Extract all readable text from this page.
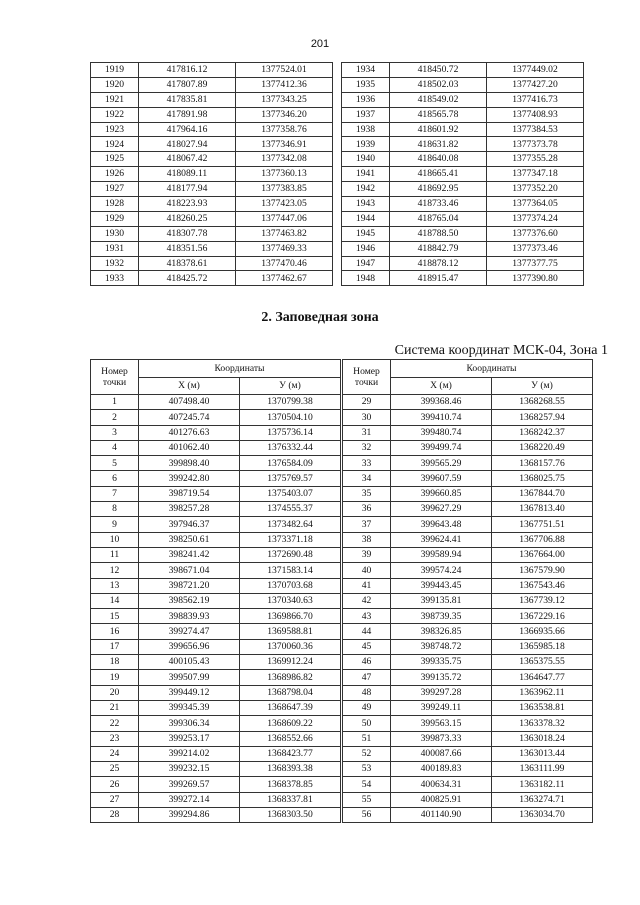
201
1919	417816.12	1377524.01
1920	417807.89	1377412.36
1921	417835.81	1377343.25
1922	417891.98	1377346.20
1923	417964.16	1377358.76
1924	418027.94	1377346.91
1925	418067.42	1377342.08
1926	418089.11	1377360.13
1927	418177.94	1377383.85
1928	418223.93	1377423.05
1929	418260.25	1377447.06
1930	418307.78	1377463.82
1931	418351.56	1377469.33
1932	418378.61	1377470.46
1933	418425.72	1377462.67
1934	418450.72	1377449.02
1935	418502.03	1377427.20
1936	418549.02	1377416.73
1937	418565.78	1377408.93
1938	418601.92	1377384.53
1939	418631.82	1377373.78
1940	418640.08	1377355.28
1941	418665.41	1377347.18
1942	418692.95	1377352.20
1943	418733.46	1377364.05
1944	418765.04	1377374.24
1945	418788.50	1377376.60
1946	418842.79	1377373.46
1947	418878.12	1377377.75
1948	418915.47	1377390.80
2. Заповедная зона
Система координат МСК-04, Зона 1
Номер точки	Координаты	
	X (м)	У (м)
1	407498.40	1370799.38
2	407245.74	1370504.10
3	401276.63	1375736.14
4	401062.40	1376332.44
5	399898.40	1376584.09
6	399242.80	1375769.57
7	398719.54	1375403.07
8	398257.28	1374555.37
9	397946.37	1373482.64
10	398250.61	1373371.18
11	398241.42	1372690.48
12	398671.04	1371583.14
13	398721.20	1370703.68
14	398562.19	1370340.63
15	398839.93	1369866.70
16	399274.47	1369588.81
17	399656.96	1370060.36
18	400105.43	1369912.24
19	399507.99	1368986.82
20	399449.12	1368798.04
21	399345.39	1368647.39
22	399306.34	1368609.22
23	399253.17	1368552.66
24	399214.02	1368423.77
25	399232.15	1368393.38
26	399269.57	1368378.85
27	399272.14	1368337.81
28	399294.86	1368303.50
Номер точки	Координаты	
	X (м)	У (м)
29	399368.46	1368268.55
30	399410.74	1368257.94
31	399480.74	1368242.37
32	399499.74	1368220.49
33	399565.29	1368157.76
34	399607.59	1368025.75
35	399660.85	1367844.70
36	399627.29	1367813.40
37	399643.48	1367751.51
38	399624.41	1367706.88
39	399589.94	1367664.00
40	399574.24	1367579.90
41	399443.45	1367543.46
42	399135.81	1367739.12
43	398739.35	1367229.16
44	398326.85	1366935.66
45	398748.72	1365985.18
46	399335.75	1365375.55
47	399135.72	1364647.77
48	399297.28	1363962.11
49	399249.11	1363538.81
50	399563.15	1363378.32
51	399873.33	1363018.24
52	400087.66	1363013.44
53	400189.83	1363111.99
54	400634.31	1363182.11
55	400825.91	1363274.71
56	401140.90	1363034.70
